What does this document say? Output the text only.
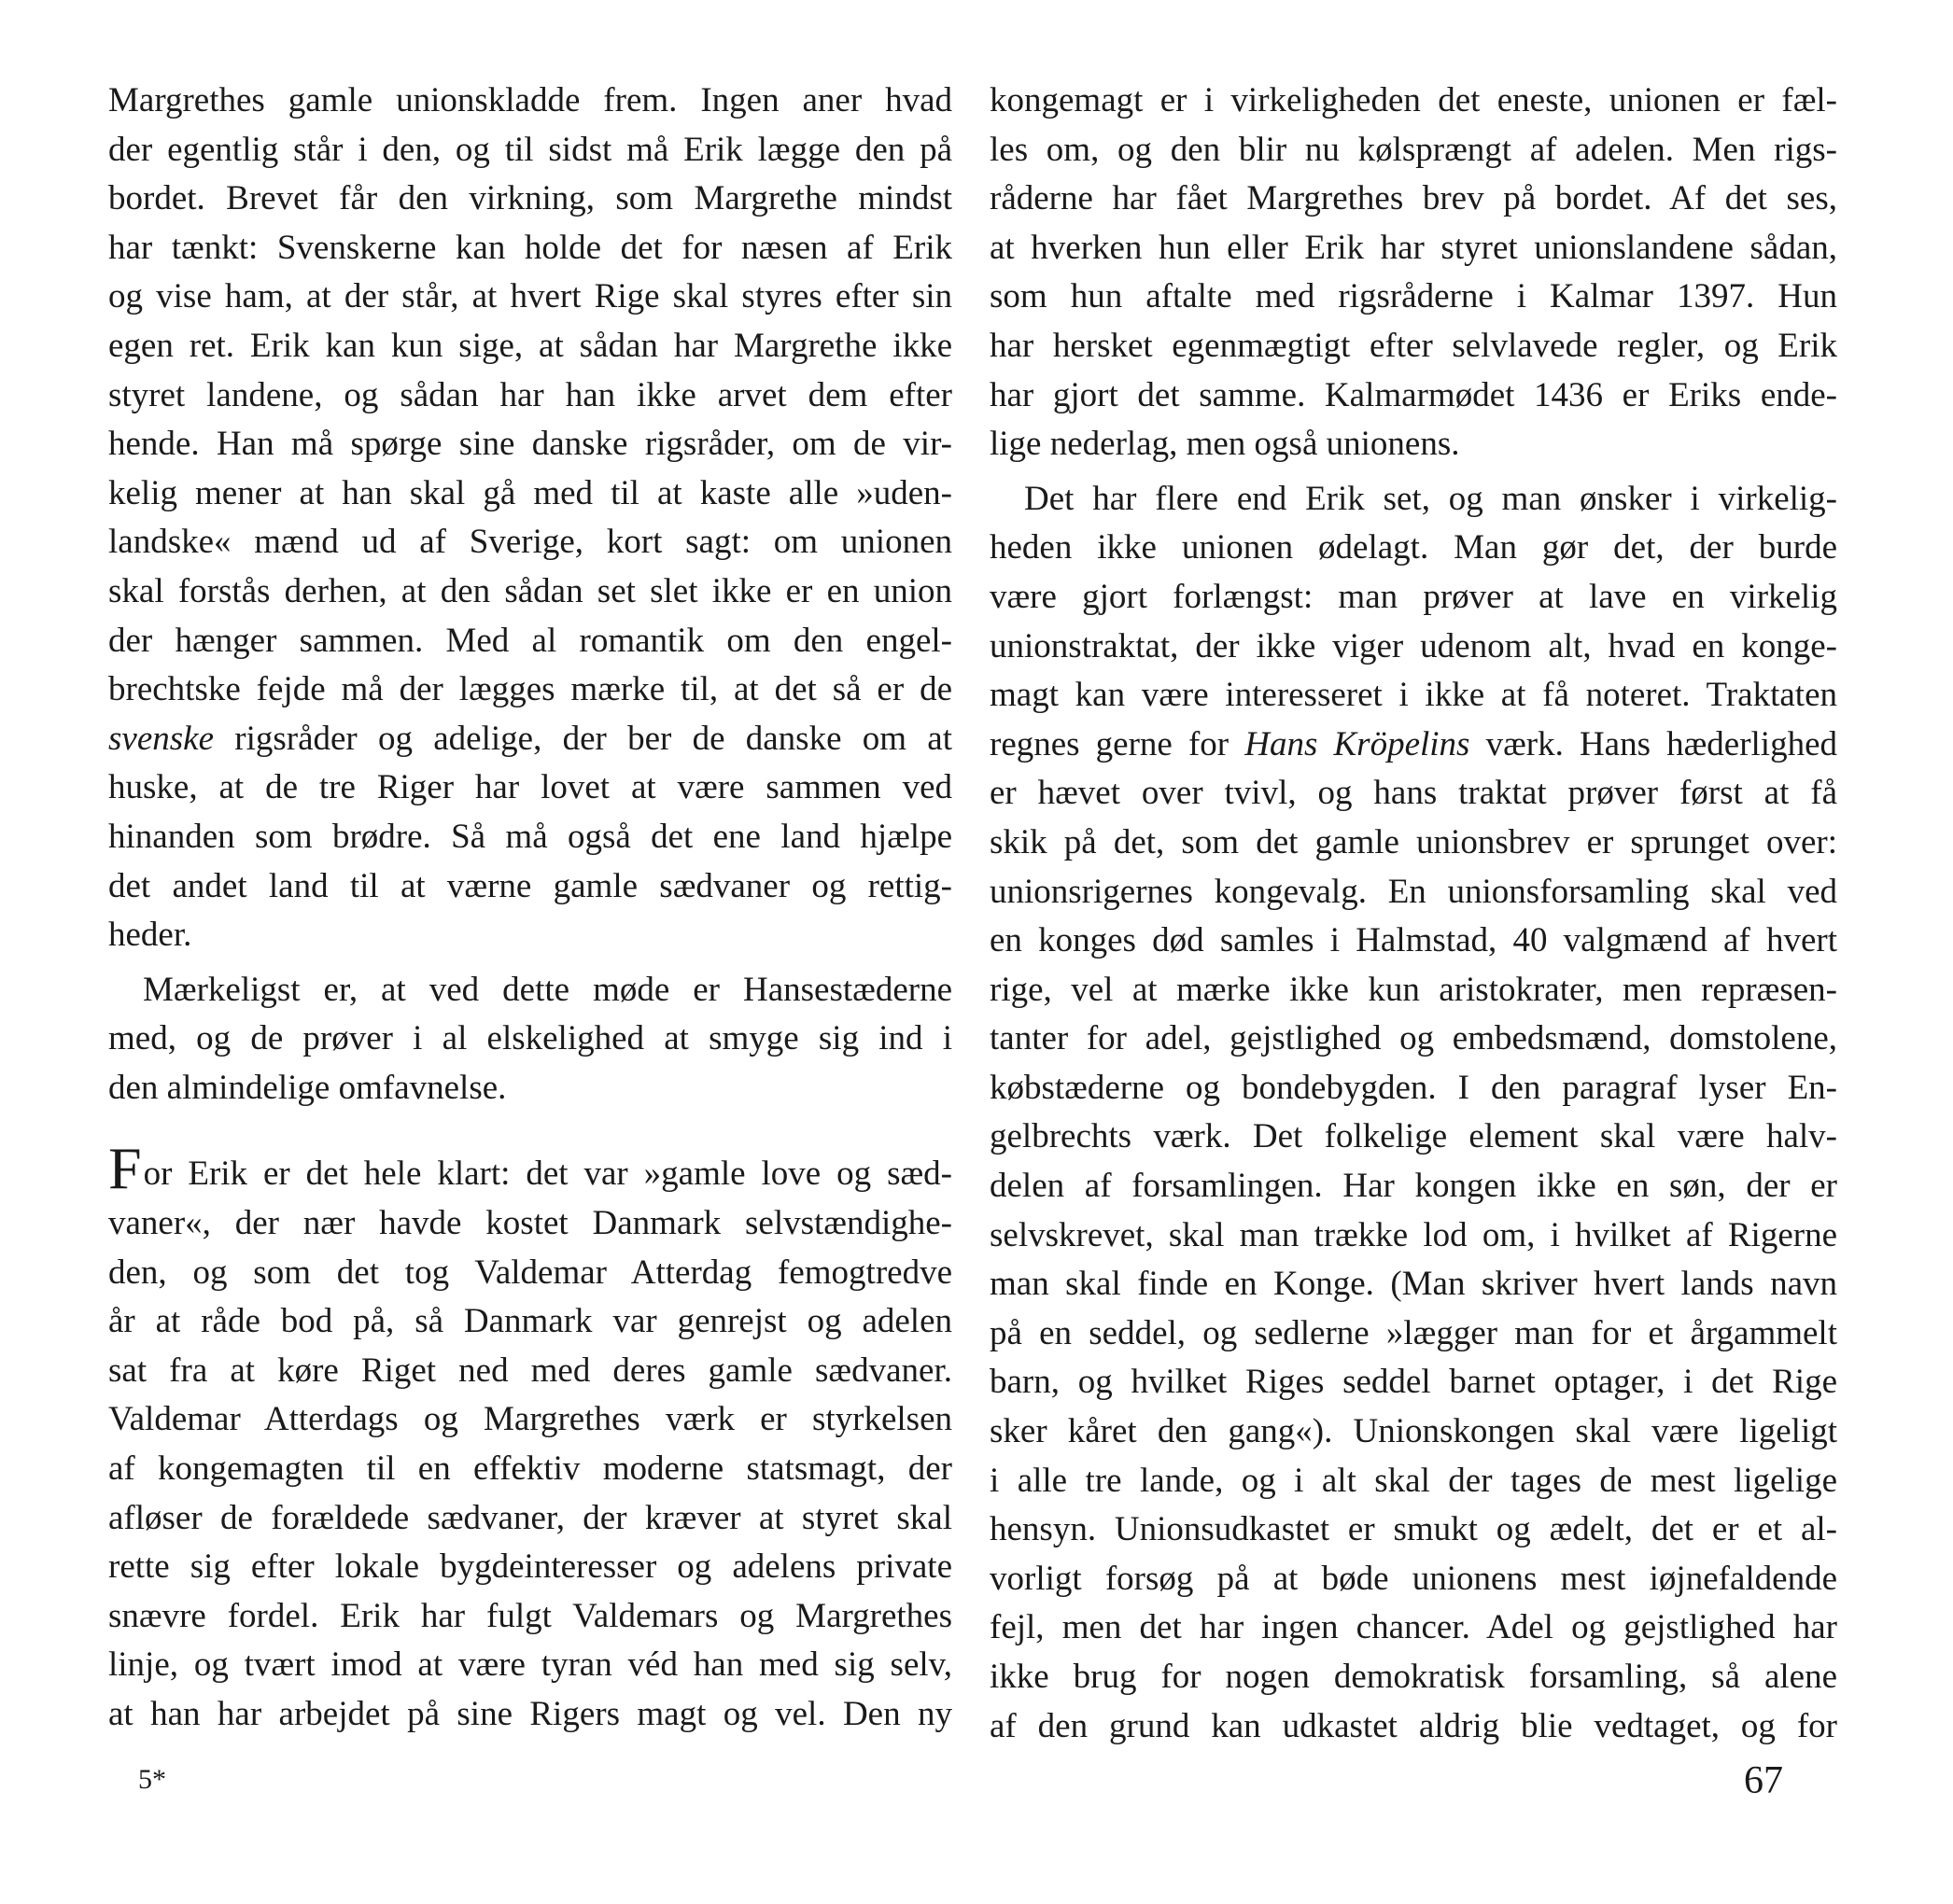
Margrethes gamle unionskladde frem. Ingen aner hvad
der egentlig står i den, og til sidst må Erik lægge den på
bordet. Brevet får den virkning, som Margrethe mindst
har tænkt: Svenskerne kan holde det for næsen af Erik
og vise ham, at der står, at hvert Rige skal styres efter sin
egen ret. Erik kan kun sige, at sådan har Margrethe ikke
styret landene, og sådan har han ikke arvet dem efter
hende. Han må spørge sine danske rigsråder, om de vir-
kelig mener at han skal gå med til at kaste alle »uden-
landske« mænd ud af Sverige, kort sagt: om unionen
skal forstås derhen, at den sådan set slet ikke er en union
der hænger sammen. Med al romantik om den engel-
brechtske fejde må der lægges mærke til, at det så er de
svenske rigsråder og adelige, der ber de danske om at
huske, at de tre Riger har lovet at være sammen ved
hinanden som brødre. Så må også det ene land hjælpe
det andet land til at værne gamle sædvaner og rettig-
heder.
Mærkeligst er, at ved dette møde er Hansestæderne
med, og de prøver i al elskelighed at smyge sig ind i
den almindelige omfavnelse.
For Erik er det hele klart: det var »gamle love og sæd-
vaner«, der nær havde kostet Danmark selvstændighe-
den, og som det tog Valdemar Atterdag femogtredve
år at råde bod på, så Danmark var genrejst og adelen
sat fra at køre Riget ned med deres gamle sædvaner.
Valdemar Atterdags og Margrethes værk er styrkelsen
af kongemagten til en effektiv moderne statsmagt, der
afløser de forældede sædvaner, der kræver at styret skal
rette sig efter lokale bygdeinteresser og adelens private
snævre fordel. Erik har fulgt Valdemars og Margrethes
linje, og tvært imod at være tyran véd han med sig selv,
at han har arbejdet på sine Rigers magt og vel. Den ny
kongemagt er i virkeligheden det eneste, unionen er fæl-
les om, og den blir nu kølsprængt af adelen. Men rigs-
råderne har fået Margrethes brev på bordet. Af det ses,
at hverken hun eller Erik har styret unionslandene sådan,
som hun aftalte med rigsråderne i Kalmar 1397. Hun
har hersket egenmægtigt efter selvlavede regler, og Erik
har gjort det samme. Kalmarmødet 1436 er Eriks ende-
lige nederlag, men også unionens.
Det har flere end Erik set, og man ønsker i virkelig-
heden ikke unionen ødelagt. Man gør det, der burde
være gjort forlængst: man prøver at lave en virkelig
unionstraktat, der ikke viger udenom alt, hvad en konge-
magt kan være interesseret i ikke at få noteret. Traktaten
regnes gerne for Hans Kröpelins værk. Hans hæderlighed
er hævet over tvivl, og hans traktat prøver først at få
skik på det, som det gamle unionsbrev er sprunget over:
unionsrigernes kongevalg. En unionsforsamling skal ved
en konges død samles i Halmstad, 40 valgmænd af hvert
rige, vel at mærke ikke kun aristokrater, men repræsen-
tanter for adel, gejstlighed og embedsmænd, domstolene,
købstæderne og bondebygden. I den paragraf lyser En-
gelbrechts værk. Det folkelige element skal være halv-
delen af forsamlingen. Har kongen ikke en søn, der er
selvskrevet, skal man trække lod om, i hvilket af Rigerne
man skal finde en Konge. (Man skriver hvert lands navn
på en seddel, og sedlerne »lægger man for et årgammelt
barn, og hvilket Riges seddel barnet optager, i det Rige
sker kåret den gang«). Unionskongen skal være ligeligt
i alle tre lande, og i alt skal der tages de mest ligelige
hensyn. Unionsudkastet er smukt og ædelt, det er et al-
vorligt forsøg på at bøde unionens mest iøjnefaldende
fejl, men det har ingen chancer. Adel og gejstlighed har
ikke brug for nogen demokratisk forsamling, så alene
af den grund kan udkastet aldrig blie vedtaget, og for
5*	67
